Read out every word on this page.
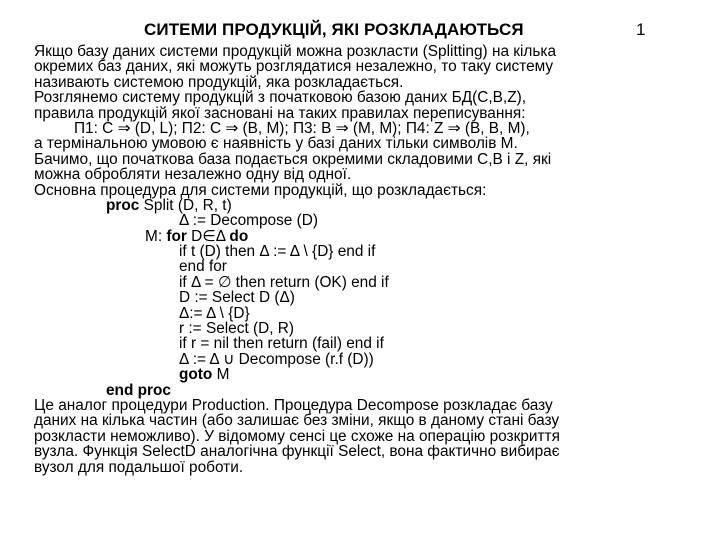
СИТЕМИ ПРОДУКЦІЙ, ЯКІ РОЗКЛАДАЮТЬСЯ	1
Якщо базу даних системи продукцій можна розкласти (Splitting) на кілька
окремих баз даних, які можуть розглядатися незалежно, то таку систему
називають системою продукцій, яка розкладається.
Розглянемо систему продукцій з початковою базою даних БД(C,B,Z),
правила продукцій якої засновані на таких правилах переписування:
П1: C ⇒ (D, L); П2: C ⇒ (B, M); П3: B ⇒ (M, M); П4: Z ⇒ (B, B, M),
а термінальною умовою є наявність у базі даних тільки символів М.
Бачимо, що початкова база подається окремими складовими C,B і Z, які
можна обробляти незалежно одну від одної.
Основна процедура для системи продукцій, що розкладається:
proc Split (D, R, t)
Δ := Decompose (D)
M: for D∈Δ do
if t (D) then Δ := Δ \ {D} end if
end for
if Δ = ∅ then return (OK) end if
D := Select D (Δ)
Δ:= Δ \ {D}
r := Select (D, R)
if r = nil then return (fail) end if
Δ := Δ ∪ Decompose (r.f (D))
goto M
end proc
Це аналог процедури Production. Процедура Decompose розкладає базу
даних на кілька частин (або залишає без зміни, якщо в даному стані базу
розкласти неможливо). У відомому сенсі це схоже на операцію розкриття
вузла. Функція SelectD аналогічна функції Select, вона фактично вибирає
вузол для подальшої роботи.
